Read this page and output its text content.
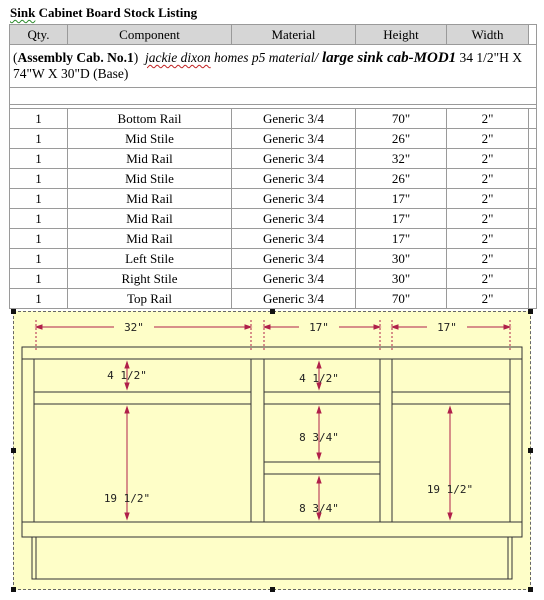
Sink Cabinet Board Stock Listing
Qty.	Component	Material	Height	Width	
(Assembly Cab. No.1) jackie dixon homes p5 material/ large sink cab-MOD1 34 1/2"H X 74"W X 30"D (Base)					

1	Bottom Rail	Generic 3/4	70"	2"	
1	Mid Stile	Generic 3/4	26"	2"	
1	Mid Rail	Generic 3/4	32"	2"	
1	Mid Stile	Generic 3/4	26"	2"	
1	Mid Rail	Generic 3/4	17"	2"	
1	Mid Rail	Generic 3/4	17"	2"	
1	Mid Rail	Generic 3/4	17"	2"	
1	Left Stile	Generic 3/4	30"	2"	
1	Right Stile	Generic 3/4	30"	2"	
1	Top Rail	Generic 3/4	70"	2"	
32"	17"	17"
4 1/2"	4 1/2"
8 3/4"
8 3/4"
19 1/2"
19 1/2"
